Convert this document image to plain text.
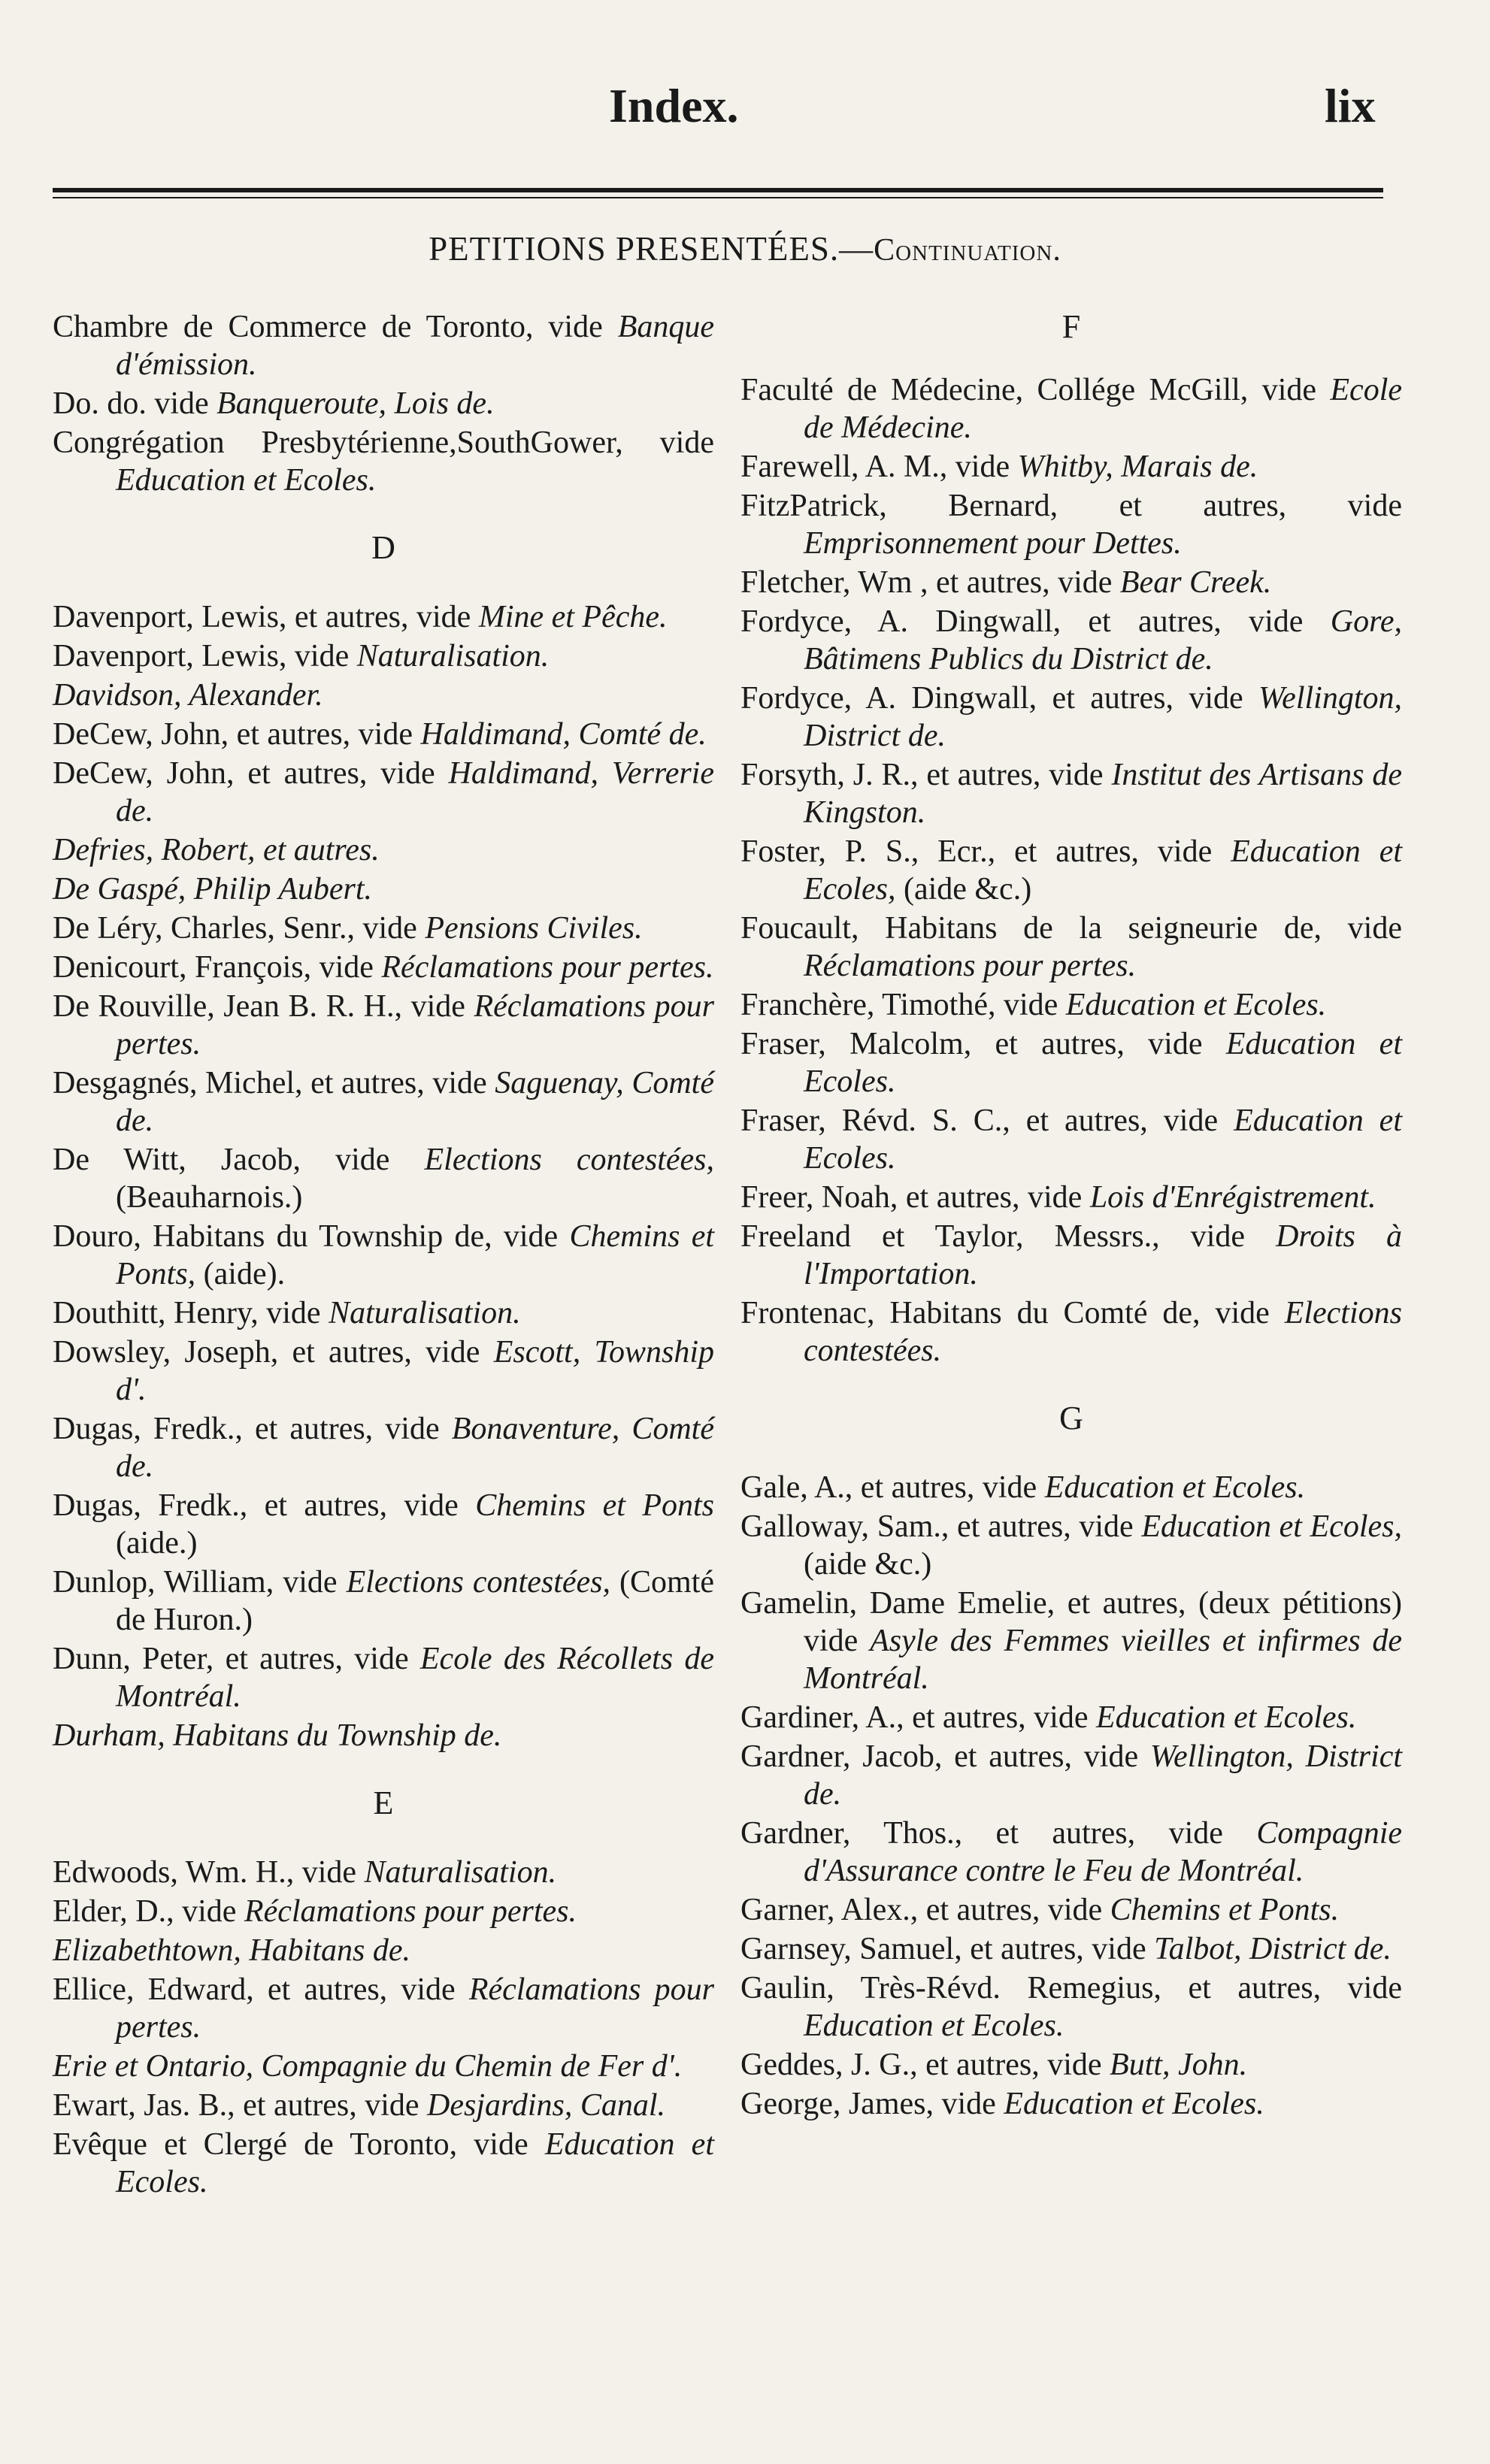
Index.	lix
PETITIONS PRESENTÉES.—Continuation.

Chambre de Commerce de Toronto, vide Banque d'émission.

Do. do. vide Banqueroute, Lois de.

Congrégation Presbytérienne,SouthGower, vide Education et Ecoles.

D

Davenport, Lewis, et autres, vide Mine et Pêche.

Davenport, Lewis, vide Naturalisation.

Davidson, Alexander.

DeCew, John, et autres, vide Haldimand, Comté de.

DeCew, John, et autres, vide Haldimand, Verrerie de.

Defries, Robert, et autres.

De Gaspé, Philip Aubert.

De Léry, Charles, Senr., vide Pensions Civiles.

Denicourt, François, vide Réclamations pour pertes.

De Rouville, Jean B. R. H., vide Réclamations pour pertes.

Desgagnés, Michel, et autres, vide Saguenay, Comté de.

De Witt, Jacob, vide Elections contestées, (Beauharnois.)

Douro, Habitans du Township de, vide Chemins et Ponts, (aide).

Douthitt, Henry, vide Naturalisation.

Dowsley, Joseph, et autres, vide Escott, Township d'.

Dugas, Fredk., et autres, vide Bonaventure, Comté de.

Dugas, Fredk., et autres, vide Chemins et Ponts (aide.)

Dunlop, William, vide Elections contestées, (Comté de Huron.)

Dunn, Peter, et autres, vide Ecole des Récollets de Montréal.

Durham, Habitans du Township de.

E

Edwoods, Wm. H., vide Naturalisation.

Elder, D., vide Réclamations pour pertes.

Elizabethtown, Habitans de.

Ellice, Edward, et autres, vide Réclamations pour pertes.

Erie et Ontario, Compagnie du Chemin de Fer d'.

Ewart, Jas. B., et autres, vide Desjardins, Canal.

Evêque et Clergé de Toronto, vide Education et Ecoles.

F

Faculté de Médecine, Collége McGill, vide Ecole de Médecine.

Farewell, A. M., vide Whitby, Marais de.

FitzPatrick, Bernard, et autres, vide Emprisonnement pour Dettes.

Fletcher, Wm , et autres, vide Bear Creek.

Fordyce, A. Dingwall, et autres, vide Gore, Bâtimens Publics du District de.

Fordyce, A. Dingwall, et autres, vide Wellington, District de.

Forsyth, J. R., et autres, vide Institut des Artisans de Kingston.

Foster, P. S., Ecr., et autres, vide Education et Ecoles, (aide &c.)

Foucault, Habitans de la seigneurie de, vide Réclamations pour pertes.

Franchère, Timothé, vide Education et Ecoles.

Fraser, Malcolm, et autres, vide Education et Ecoles.

Fraser, Révd. S. C., et autres, vide Education et Ecoles.

Freer, Noah, et autres, vide Lois d'Enrégistrement.

Freeland et Taylor, Messrs., vide Droits à l'Importation.

Frontenac, Habitans du Comté de, vide Elections contestées.

G

Gale, A., et autres, vide Education et Ecoles.

Galloway, Sam., et autres, vide Education et Ecoles, (aide &c.)

Gamelin, Dame Emelie, et autres, (deux pétitions) vide Asyle des Femmes vieilles et infirmes de Montréal.

Gardiner, A., et autres, vide Education et Ecoles.

Gardner, Jacob, et autres, vide Wellington, District de.

Gardner, Thos., et autres, vide Compagnie d'Assurance contre le Feu de Montréal.

Garner, Alex., et autres, vide Chemins et Ponts.

Garnsey, Samuel, et autres, vide Talbot, District de.

Gaulin, Très-Révd. Remegius, et autres, vide Education et Ecoles.

Geddes, J. G., et autres, vide Butt, John.

George, James, vide Education et Ecoles.
